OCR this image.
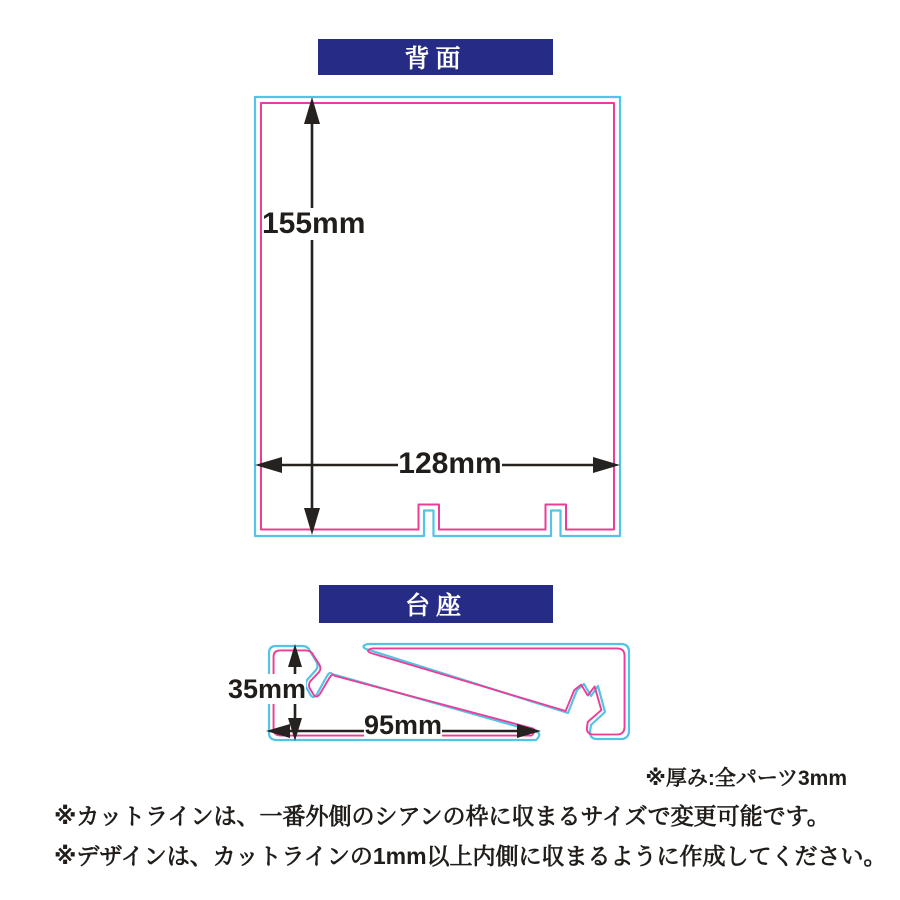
背面
台座
155mm
128mm
35mm
95mm
※厚み:全パーツ3mm
※カットラインは、一番外側のシアンの枠に収まるサイズで変更可能です。
※デザインは、カットラインの1mm以上内側に収まるように作成してください。
